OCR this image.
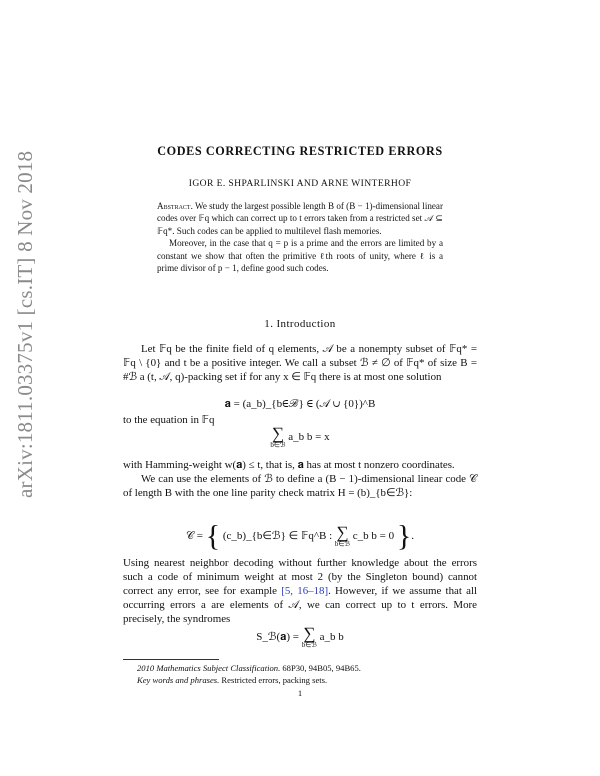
arXiv:1811.03375v1 [cs.IT] 8 Nov 2018	CODES CORRECTING RESTRICTED ERRORS
IGOR E. SHPARLINSKI AND ARNE WINTERHOF

Abstract. We study the largest possible length B of (B − 1)-dimensional linear codes over 𝔽q which can correct up to t errors taken from a restricted set 𝒜 ⊆ 𝔽q*. Such codes can be applied to multilevel flash memories.

Moreover, in the case that q = p is a prime and the errors are limited by a constant we show that often the primitive ℓth roots of unity, where ℓ is a prime divisor of p − 1, define good such codes.

1. Introduction

Let 𝔽q be the finite field of q elements, 𝒜 be a nonempty subset of 𝔽q* = 𝔽q \ {0} and t be a positive integer. We call a subset ℬ ≠ ∅ of 𝔽q* of size B = #ℬ a (t, 𝒜, q)-packing set if for any x ∈ 𝔽q there is at most one solution

𝐚 = (a_b)_{b∈ℬ} ∈ (𝒜 ∪ {0})^B

to the equation in 𝔽q

∑
b∈ℬ
a_b b = x

with Hamming-weight w(𝐚) ≤ t, that is, 𝐚 has at most t nonzero coordinates.

We can use the elements of ℬ to define a (B − 1)-dimensional linear code 𝒞 of length B with the one line parity check matrix H = (b)_{b∈ℬ}:

𝒞 = { (c_b)_{b∈ℬ} ∈ 𝔽q^B : ∑
b∈ℬ
c_b b = 0 }.

Using nearest neighbor decoding without further knowledge about the errors such a code of minimum weight at most 2 (by the Singleton bound) cannot correct any error, see for example [5, 16–18]. However, if we assume that all occurring errors a are elements of 𝒜, we can correct up to t errors. More precisely, the syndromes

S_ℬ(𝐚) = ∑
b∈ℬ
a_b b
2010 Mathematics Subject Classification. 68P30, 94B05, 94B65.
Key words and phrases. Restricted errors, packing sets.
1
